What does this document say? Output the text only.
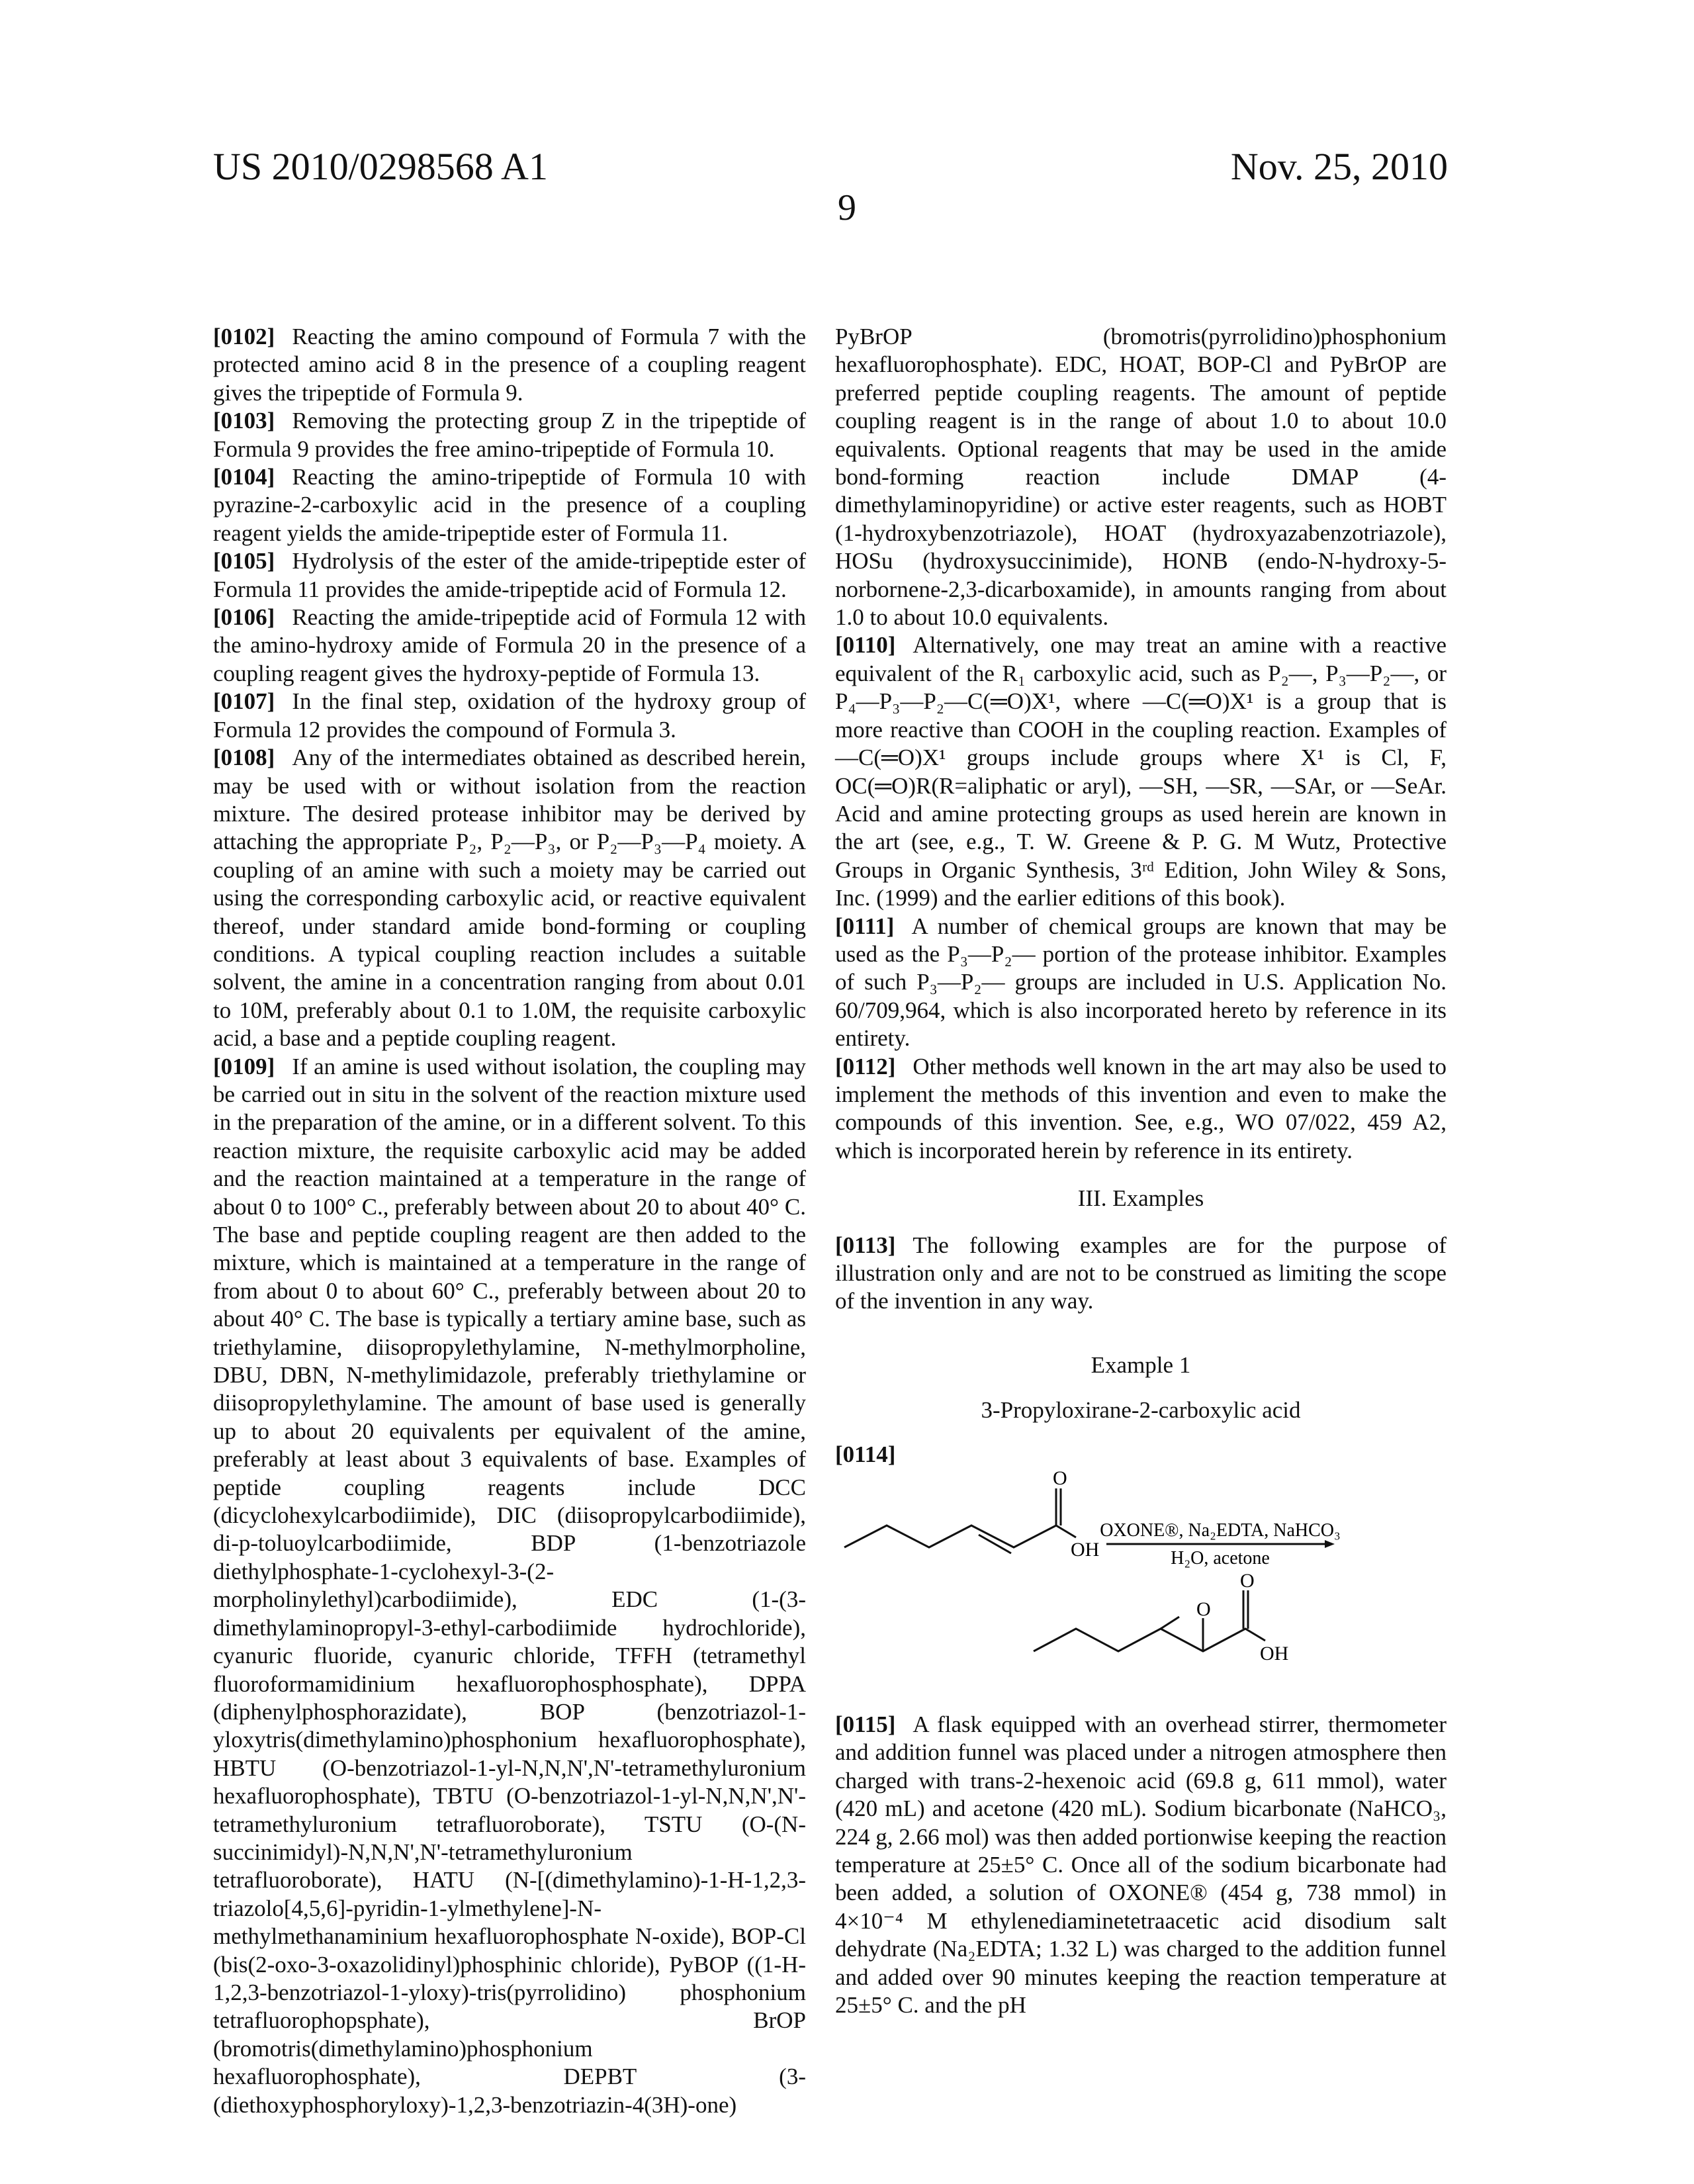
US 2010/0298568 A1	Nov. 25, 2010
9

[0102] Reacting the amino compound of Formula 7 with the protected amino acid 8 in the presence of a coupling reagent gives the tripeptide of Formula 9.

[0103] Removing the protecting group Z in the tripeptide of Formula 9 provides the free amino-tripeptide of Formula 10.

[0104] Reacting the amino-tripeptide of Formula 10 with pyrazine-2-carboxylic acid in the presence of a coupling reagent yields the amide-tripeptide ester of Formula 11.

[0105] Hydrolysis of the ester of the amide-tripeptide ester of Formula 11 provides the amide-tripeptide acid of Formula 12.

[0106] Reacting the amide-tripeptide acid of Formula 12 with the amino-hydroxy amide of Formula 20 in the presence of a coupling reagent gives the hydroxy-peptide of Formula 13.

[0107] In the final step, oxidation of the hydroxy group of Formula 12 provides the compound of Formula 3.

[0108] Any of the intermediates obtained as described herein, may be used with or without isolation from the reaction mixture. The desired protease inhibitor may be derived by attaching the appropriate P₂, P₂—P₃, or P₂—P₃—P₄ moiety. A coupling of an amine with such a moiety may be carried out using the corresponding carboxylic acid, or reactive equivalent thereof, under standard amide bond-forming or coupling conditions. A typical coupling reaction includes a suitable solvent, the amine in a concentration ranging from about 0.01 to 10M, preferably about 0.1 to 1.0M, the requisite carboxylic acid, a base and a peptide coupling reagent.

[0109] If an amine is used without isolation, the coupling may be carried out in situ in the solvent of the reaction mixture used in the preparation of the amine, or in a different solvent. To this reaction mixture, the requisite carboxylic acid may be added and the reaction maintained at a temperature in the range of about 0 to 100° C., preferably between about 20 to about 40° C. The base and peptide coupling reagent are then added to the mixture, which is maintained at a temperature in the range of from about 0 to about 60° C., preferably between about 20 to about 40° C. The base is typically a tertiary amine base, such as triethylamine, diisopropylethylamine, N-methylmorpholine, DBU, DBN, N-methylimidazole, preferably triethylamine or diisopropylethylamine. The amount of base used is generally up to about 20 equivalents per equivalent of the amine, preferably at least about 3 equivalents of base. Examples of peptide coupling reagents include DCC (dicyclohexylcarbodiimide), DIC (diisopropylcarbodiimide), di-p-toluoylcarbodiimide, BDP (1-benzotriazole diethylphosphate-1-cyclohexyl-3-(2-morpholinylethyl)carbodiimide), EDC (1-(3-dimethylaminopropyl-3-ethyl-carbodiimide hydrochloride), cyanuric fluoride, cyanuric chloride, TFFH (tetramethyl fluoroformamidinium hexafluorophosphosphate), DPPA (diphenylphosphorazidate), BOP (benzotriazol-1-yloxytris(dimethylamino)phosphonium hexafluorophosphate), HBTU (O-benzotriazol-1-yl-N,N,N',N'-tetramethyluronium hexafluorophosphate), TBTU (O-benzotriazol-1-yl-N,N,N',N'-tetramethyluronium tetrafluoroborate), TSTU (O-(N-succinimidyl)-N,N,N',N'-tetramethyluronium tetrafluoroborate), HATU (N-[(dimethylamino)-1-H-1,2,3-triazolo[4,5,6]-pyridin-1-ylmethylene]-N-methylmethanaminium hexafluorophosphate N-oxide), BOP-Cl (bis(2-oxo-3-oxazolidinyl)phosphinic chloride), PyBOP ((1-H-1,2,3-benzotriazol-1-yloxy)-tris(pyrrolidino) phosphonium tetrafluorophopsphate), BrOP (bromotris(dimethylamino)phosphonium hexafluorophosphate), DEPBT (3-(diethoxyphosphoryloxy)-1,2,3-benzotriazin-4(3H)-one)

PyBrOP (bromotris(pyrrolidino)phosphonium hexafluorophosphate). EDC, HOAT, BOP-Cl and PyBrOP are preferred peptide coupling reagents. The amount of peptide coupling reagent is in the range of about 1.0 to about 10.0 equivalents. Optional reagents that may be used in the amide bond-forming reaction include DMAP (4-dimethylaminopyridine) or active ester reagents, such as HOBT (1-hydroxybenzotriazole), HOAT (hydroxyazabenzotriazole), HOSu (hydroxysuccinimide), HONB (endo-N-hydroxy-5-norbornene-2,3-dicarboxamide), in amounts ranging from about 1.0 to about 10.0 equivalents.

[0110] Alternatively, one may treat an amine with a reactive equivalent of the R₁ carboxylic acid, such as P₂—, P₃—P₂—, or P₄—P₃—P₂—C(═O)X¹, where —C(═O)X¹ is a group that is more reactive than COOH in the coupling reaction. Examples of —C(═O)X¹ groups include groups where X¹ is Cl, F, OC(═O)R(R=aliphatic or aryl), —SH, —SR, —SAr, or —SeAr. Acid and amine protecting groups as used herein are known in the art (see, e.g., T. W. Greene & P. G. M Wutz, Protective Groups in Organic Synthesis, 3ʳᵈ Edition, John Wiley & Sons, Inc. (1999) and the earlier editions of this book).

[0111] A number of chemical groups are known that may be used as the P₃—P₂— portion of the protease inhibitor. Examples of such P₃—P₂— groups are included in U.S. Application No. 60/709,964, which is also incorporated hereto by reference in its entirety.

[0112] Other methods well known in the art may also be used to implement the methods of this invention and even to make the compounds of this invention. See, e.g., WO 07/022, 459 A2, which is incorporated herein by reference in its entirety.

III. Examples

[0113] The following examples are for the purpose of illustration only and are not to be construed as limiting the scope of the invention in any way.

Example 1

3-Propyloxirane-2-carboxylic acid

[0114]

O
OH
OXONE®, Na₂EDTA, NaHCO₃
H₂O, acetone
O
O
OH

[0115] A flask equipped with an overhead stirrer, thermometer and addition funnel was placed under a nitrogen atmosphere then charged with trans-2-hexenoic acid (69.8 g, 611 mmol), water (420 mL) and acetone (420 mL). Sodium bicarbonate (NaHCO₃, 224 g, 2.66 mol) was then added portionwise keeping the reaction temperature at 25±5° C. Once all of the sodium bicarbonate had been added, a solution of OXONE® (454 g, 738 mmol) in 4×10⁻⁴ M ethylenediaminetetraacetic acid disodium salt dehydrate (Na₂EDTA; 1.32 L) was charged to the addition funnel and added over 90 minutes keeping the reaction temperature at 25±5° C. and the pH
